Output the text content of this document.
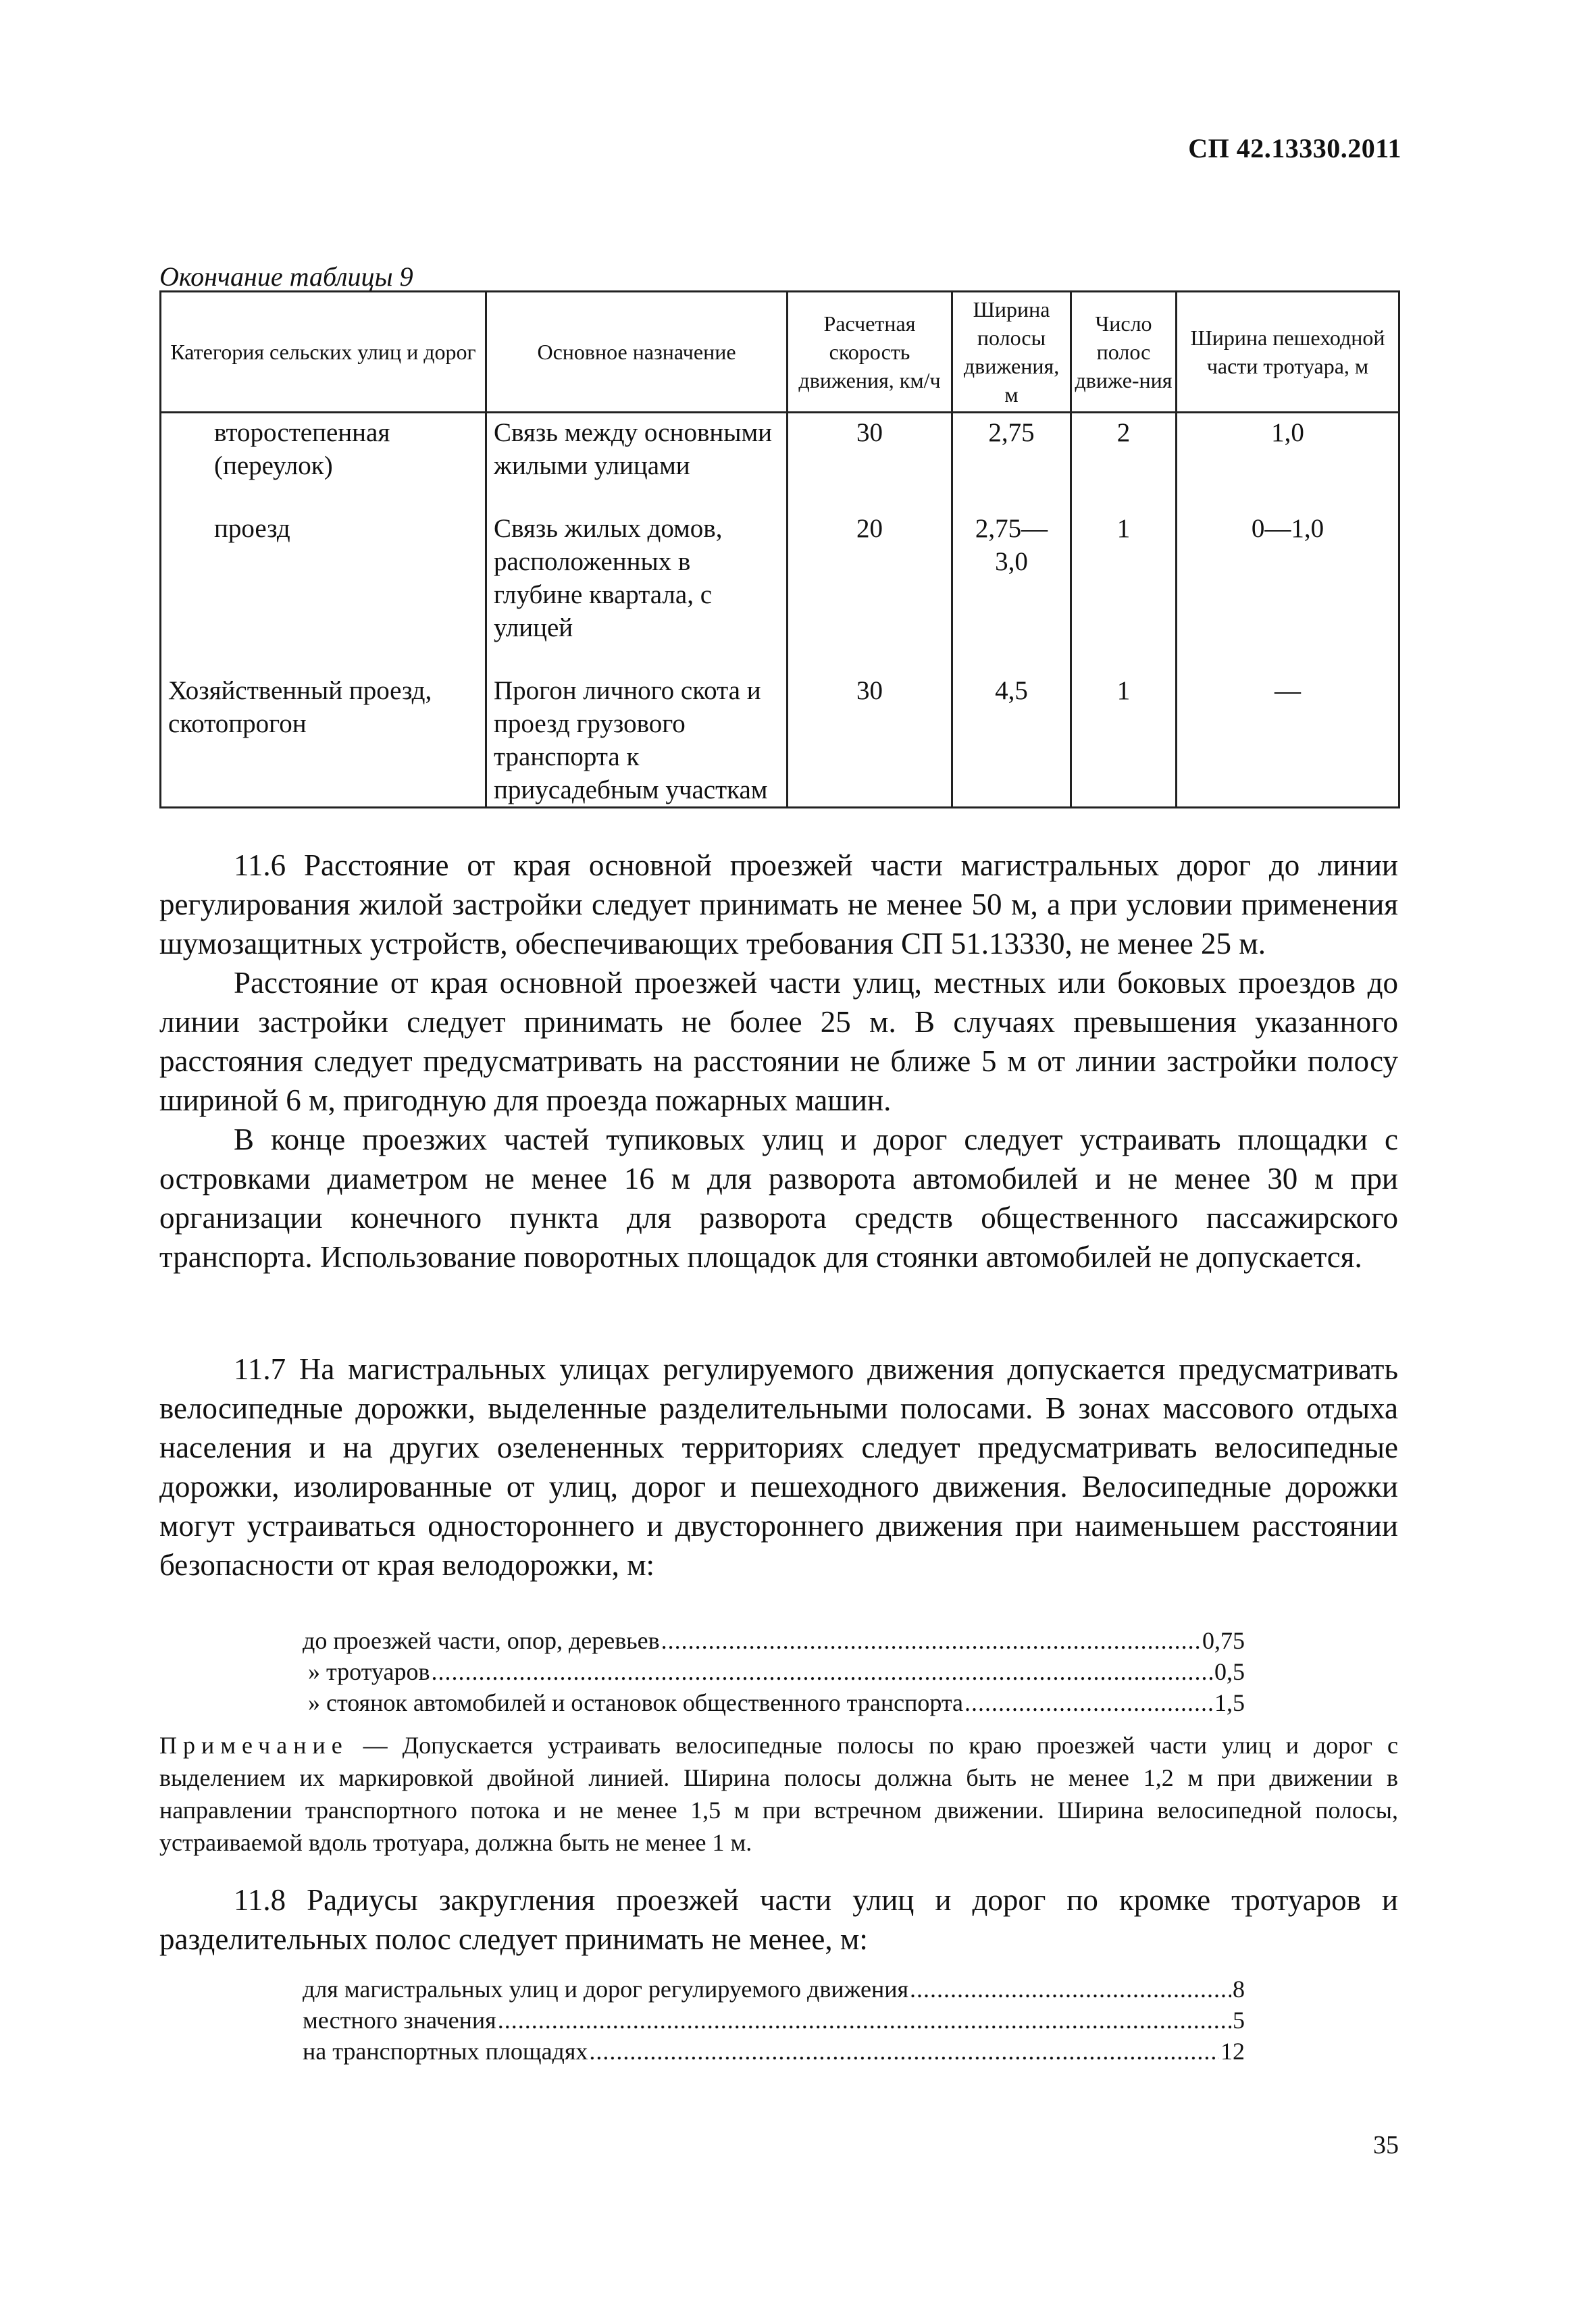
СП 42.13330.2011
Окончание таблицы 9
Категория сельских улиц и дорог	Основное назначение	Расчетная скорость движения, км/ч	Ширина полосы движения, м	Число полос движе-ния	Ширина пешеходной части тротуара, м
второстепенная (переулок)	Связь между основными жилыми улицами	30	2,75	2	1,0
проезд	Связь жилых домов, расположенных в глубине квартала, с улицей	20	2,75—3,0	1	0—1,0
Хозяйственный проезд, скотопрогон	Прогон личного скота и проезд грузового транспорта к приусадебным участкам	30	4,5	1	—

11.6 Расстояние от края основной проезжей части магистральных дорог до линии регулирования жилой застройки следует принимать не менее 50 м, а при условии применения шумозащитных устройств, обеспечивающих требования СП 51.13330, не менее 25 м.

Расстояние от края основной проезжей части улиц, местных или боковых проездов до линии застройки следует принимать не более 25 м. В случаях превышения указанного расстояния следует предусматривать на расстоянии не ближе 5 м от линии застройки полосу шириной 6 м, пригодную для проезда пожарных машин.

В конце проезжих частей тупиковых улиц и дорог следует устраивать площадки с островками диаметром не менее 16 м для разворота автомобилей и не менее 30 м при организации конечного пункта для разворота средств общественного пассажирского транспорта. Использование поворотных площадок для стоянки автомобилей не допускается.

11.7 На магистральных улицах регулируемого движения допускается предусматривать велосипедные дорожки, выделенные разделительными полосами. В зонах массового отдыха населения и на других озелененных территориях следует предусматривать велосипедные дорожки, изолированные от улиц, дорог и пешеходного движения. Велосипедные дорожки могут устраиваться одностороннего и двустороннего движения при наименьшем расстоянии безопасности от края велодорожки, м:

до проезжей части, опор, деревьев .....	0,75
» тротуаров .....	0,5
» стоянок автомобилей и остановок общественного транспорта .....	1,5

Примечание — Допускается устраивать велосипедные полосы по краю проезжей части улиц и дорог с выделением их маркировкой двойной линией. Ширина полосы должна быть не менее 1,2 м при движении в направлении транспортного потока и не менее 1,5 м при встречном движении. Ширина велосипедной полосы, устраиваемой вдоль тротуара, должна быть не менее 1 м.

11.8 Радиусы закругления проезжей части улиц и дорог по кромке тротуаров и разделительных полос следует принимать не менее, м:

для магистральных улиц и дорог регулируемого движения .....	8
местного значения .....	5
на транспортных площадях .....	12
35
